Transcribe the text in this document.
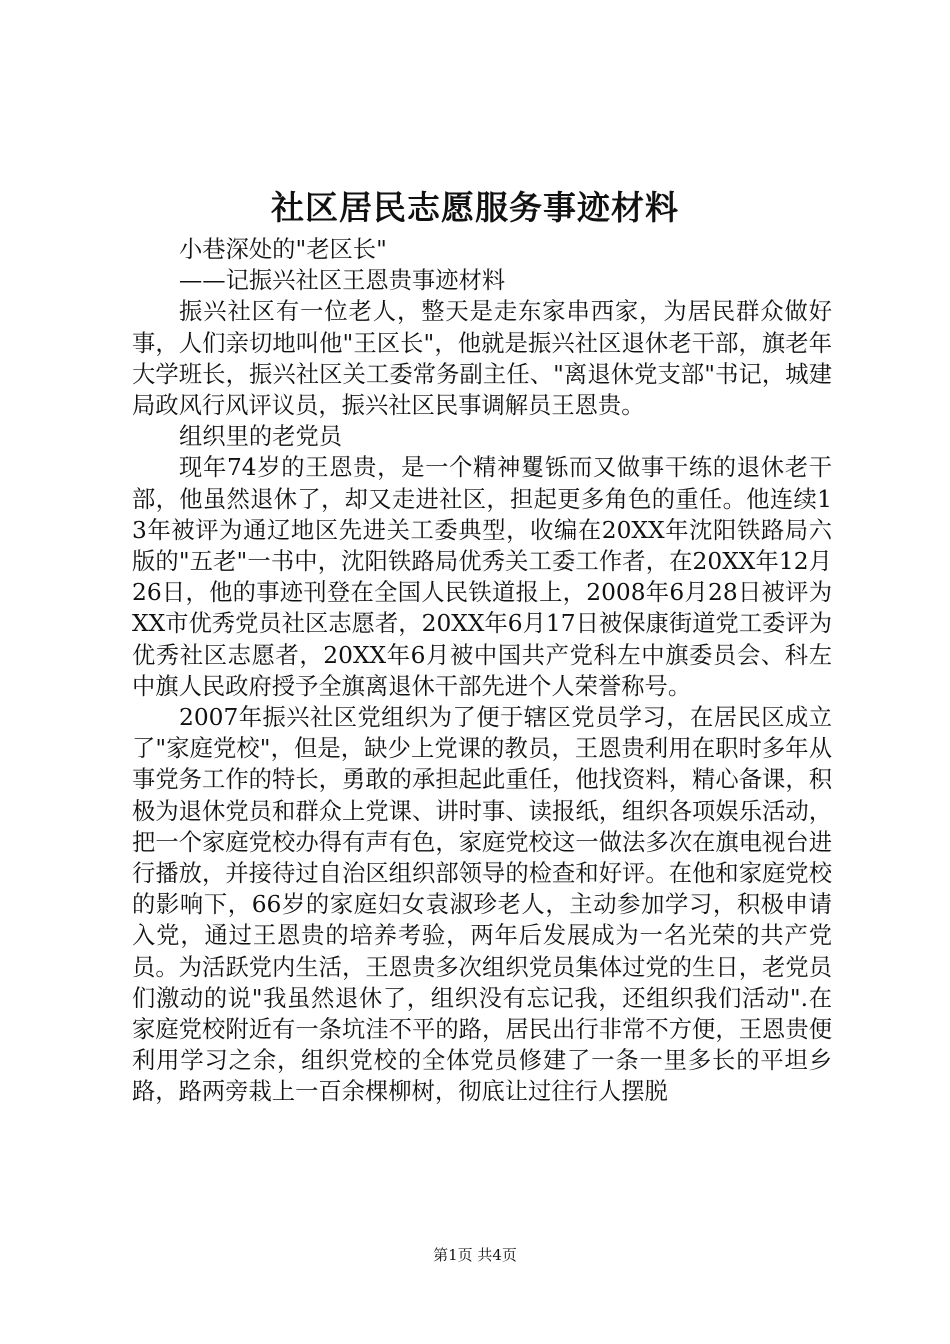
社区居民志愿服务事迹材料

小巷深处的"老区长"

——记振兴社区王恩贵事迹材料

振兴社区有一位老人，整天是走东家串西家，为居民群众做好事，人们亲切地叫他"王区长"，他就是振兴社区退休老干部，旗老年大学班长，振兴社区关工委常务副主任、"离退休党支部"书记，城建局政风行风评议员，振兴社区民事调解员王恩贵。

组织里的老党员

现年74岁的王恩贵，是一个精神矍铄而又做事干练的退休老干部，他虽然退休了，却又走进社区，担起更多角色的重任。他连续13年被评为通辽地区先进关工委典型，收编在20XX年沈阳铁路局六版的"五老"一书中，沈阳铁路局优秀关工委工作者，在20XX年12月26日，他的事迹刊登在全国人民铁道报上，2008年6月28日被评为XX市优秀党员社区志愿者，20XX年6月17日被保康街道党工委评为优秀社区志愿者，20XX年6月被中国共产党科左中旗委员会、科左中旗人民政府授予全旗离退休干部先进个人荣誉称号。

2007年振兴社区党组织为了便于辖区党员学习，在居民区成立了"家庭党校"，但是，缺少上党课的教员，王恩贵利用在职时多年从事党务工作的特长，勇敢的承担起此重任，他找资料，精心备课，积极为退休党员和群众上党课、讲时事、读报纸，组织各项娱乐活动，把一个家庭党校办得有声有色，家庭党校这一做法多次在旗电视台进行播放，并接待过自治区组织部领导的检查和好评。在他和家庭党校的影响下，66岁的家庭妇女袁淑珍老人，主动参加学习，积极申请入党，通过王恩贵的培养考验，两年后发展成为一名光荣的共产党员。为活跃党内生活，王恩贵多次组织党员集体过党的生日，老党员们激动的说"我虽然退休了，组织没有忘记我，还组织我们活动".在家庭党校附近有一条坑洼不平的路，居民出行非常不方便，王恩贵便利用学习之余，组织党校的全体党员修建了一条一里多长的平坦乡路，路两旁栽上一百余棵柳树，彻底让过往行人摆脱

第1页 共4页
